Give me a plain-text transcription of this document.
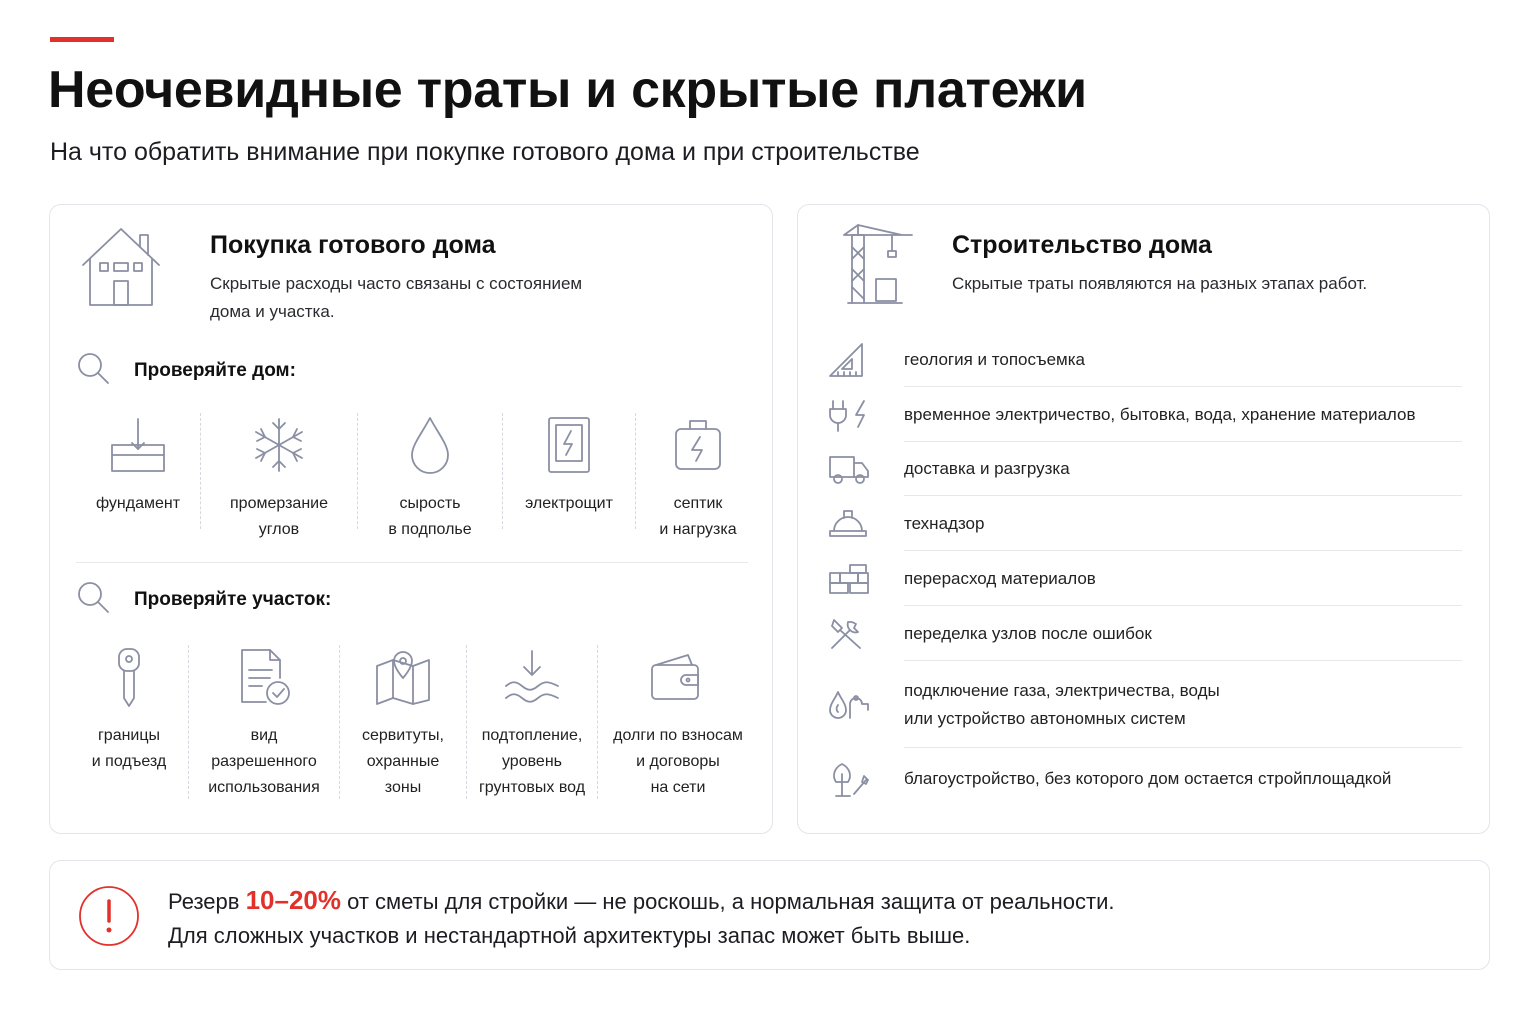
Неочевидные траты и скрытые платежи
На что обратить внимание при покупке готового дома и при строительстве
Покупка готового дома
Скрытые расходы часто связаны с состоянием
дома и участка.
Проверяйте дом:
фундамент	промерзание
углов
сырость
в подполье
электрощит	септик
и нагрузка
Проверяйте участок:
границы
и подъезд
вид
разрешенного
использования
сервитуты,
охранные
зоны
подтопление,
уровень
грунтовых вод
долги по взносам
и договоры
на сети
Строительство дома
Скрытые траты появляются на разных этапах работ.
геология и топосъемка
временное электричество, бытовка, вода, хранение материалов
доставка и разгрузка
технадзор
перерасход материалов
переделка узлов после ошибок
подключение газа, электричества, воды
или устройство автономных систем
благоустройство, без которого дом остается стройплощадкой
Резерв 10–20% от сметы для стройки — не роскошь, а нормальная защита от реальности.
Для сложных участков и нестандартной архитектуры запас может быть выше.
